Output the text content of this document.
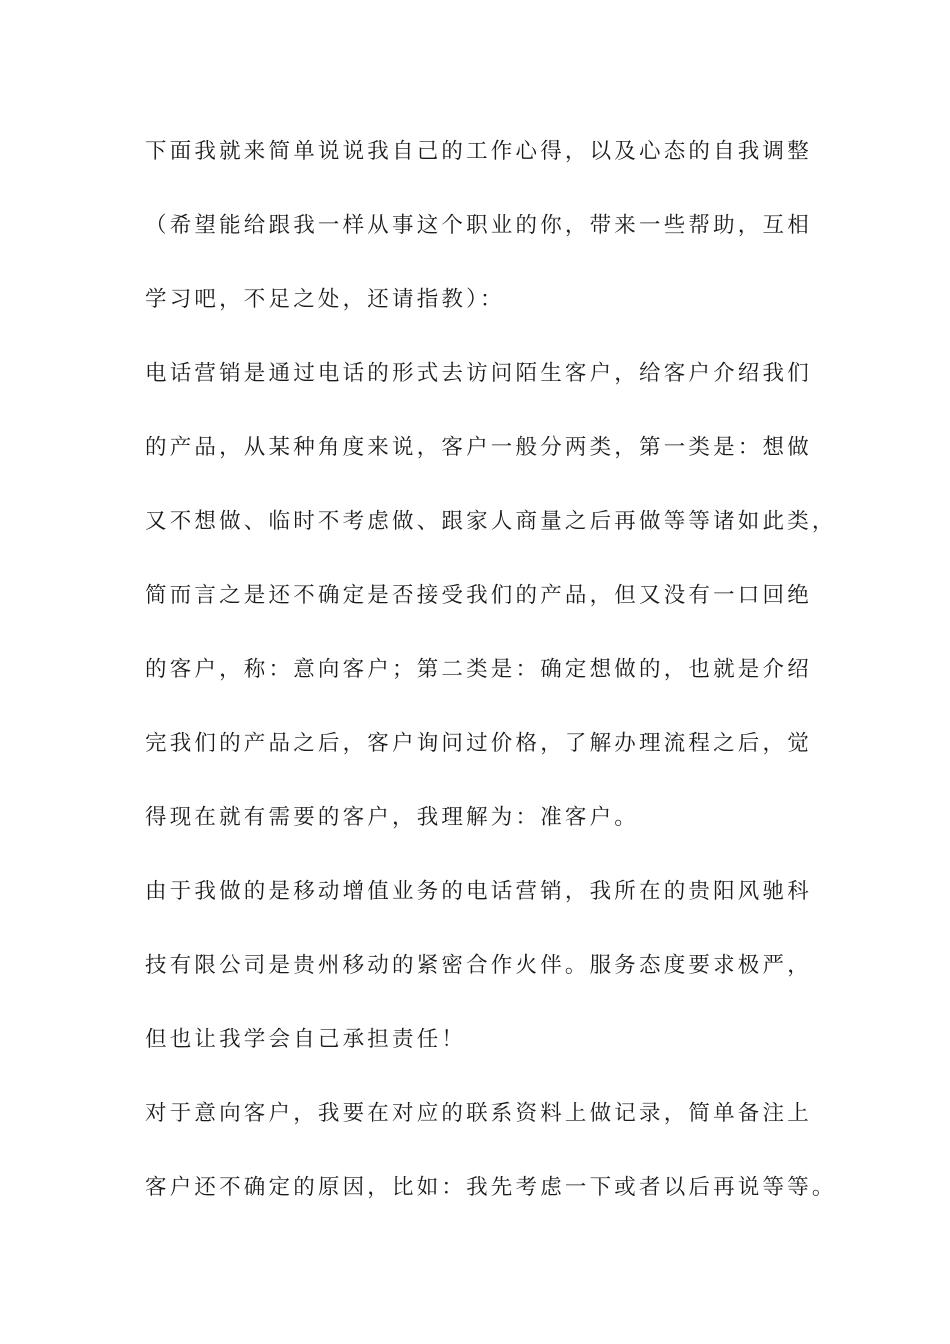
下面我就来简单说说我自己的工作心得，以及心态的自我调整
（希望能给跟我一样从事这个职业的你，带来一些帮助，互相
学习吧，不足之处，还请指教）：
电话营销是通过电话的形式去访问陌生客户，给客户介绍我们
的产品，从某种角度来说，客户一般分两类，第一类是：想做
又不想做、临时不考虑做、跟家人商量之后再做等等诸如此类，
简而言之是还不确定是否接受我们的产品，但又没有一口回绝
的客户，称：意向客户；第二类是：确定想做的，也就是介绍
完我们的产品之后，客户询问过价格，了解办理流程之后，觉
得现在就有需要的客户，我理解为：准客户。
由于我做的是移动增值业务的电话营销，我所在的贵阳风驰科
技有限公司是贵州移动的紧密合作火伴。服务态度要求极严，
但也让我学会自己承担责任！
对于意向客户，我要在对应的联系资料上做记录，简单备注上
客户还不确定的原因，比如：我先考虑一下或者以后再说等等。
